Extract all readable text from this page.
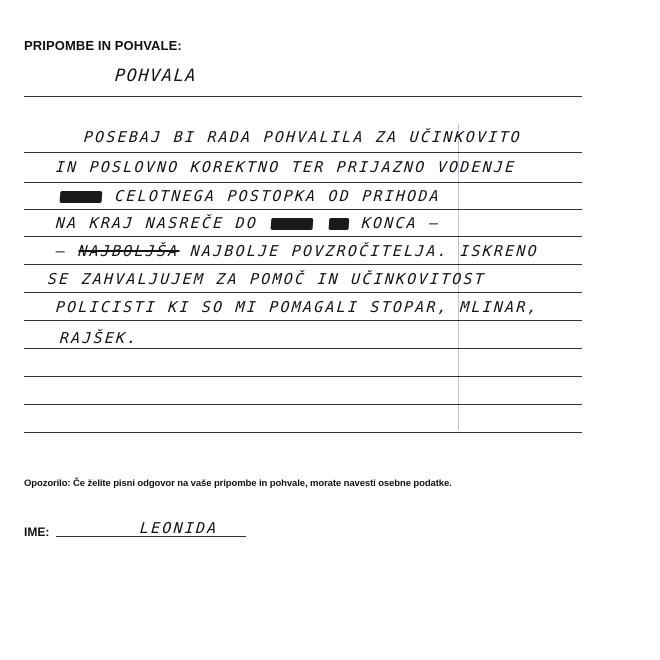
PRIPOMBE IN POHVALE:
POHVALA
POSEBAJ BI RADA POHVALILA ZA UČINKOVITO
IN POSLOVNO KOREKTNO TER PRIJAZNO VODENJE
CELOTNEGA POSTOPKA OD PRIHODA
NA KRAJ NASREČE DO	KONCA –
– NAJBOLJŠA NAJBOLJE POVZROČITELJA. ISKRENO
SE ZAHVALJUJEM ZA POMOČ IN UČINKOVITOST
POLICISTI KI SO MI POMAGALI STOPAR, MLINAR,
RAJŠEK.
Opozorilo: Če želite pisni odgovor na vaše pripombe in pohvale, morate navesti osebne podatke.
IME:	LEONIDA
